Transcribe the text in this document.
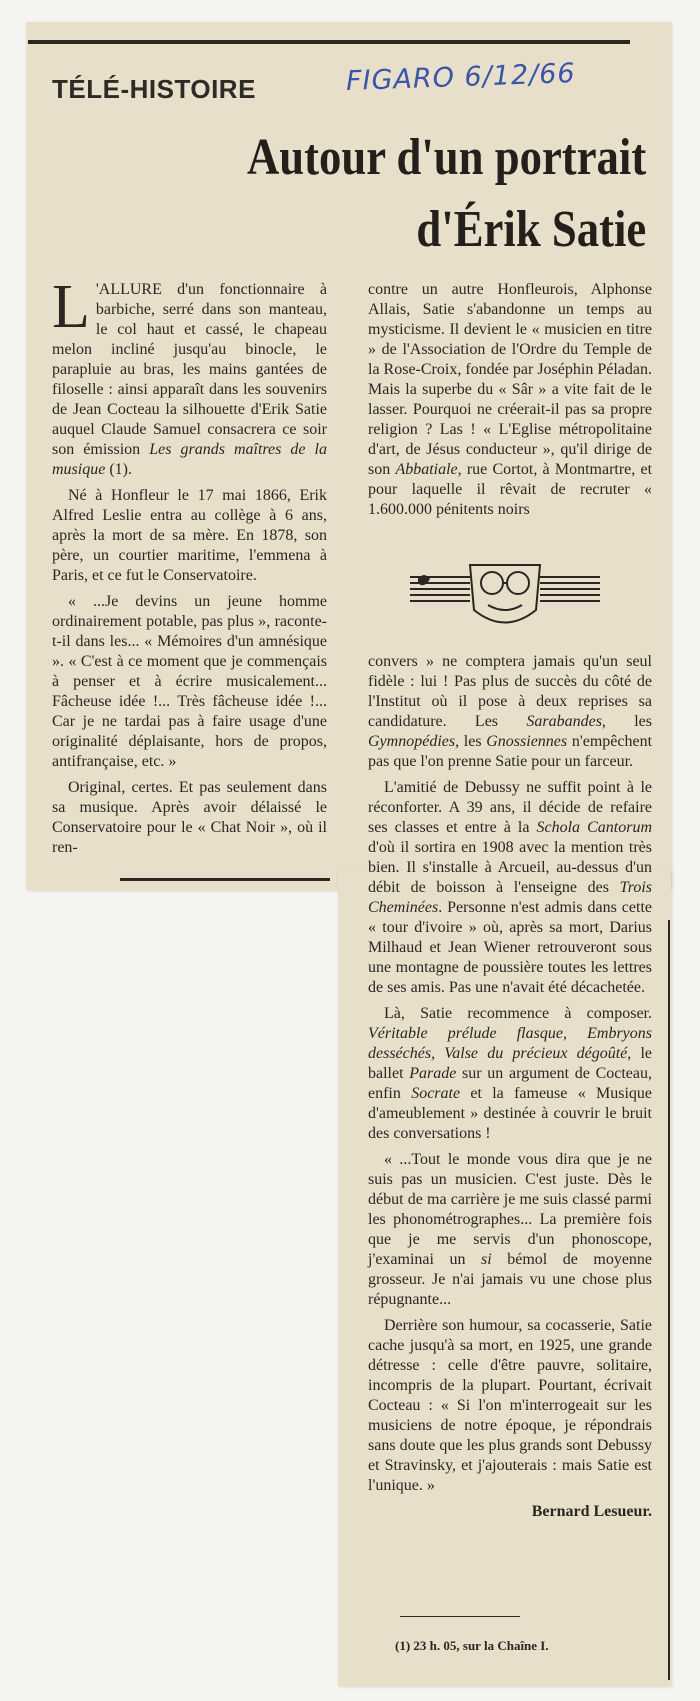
TÉLÉ-HISTOIRE	FIGARO 6/12/66
Autour d'un portrait
d'Érik Satie

L 'ALLURE d'un fonctionnaire à barbiche, serré dans son manteau, le col haut et cassé, le chapeau melon incliné jusqu'au binocle, le parapluie au bras, les mains gantées de filoselle : ainsi apparaît dans les souvenirs de Jean Cocteau la silhouette d'Erik Satie auquel Claude Samuel consacrera ce soir son émission Les grands maîtres de la musique (1).

Né à Honfleur le 17 mai 1866, Erik Alfred Leslie entra au collège à 6 ans, après la mort de sa mère. En 1878, son père, un courtier maritime, l'emmena à Paris, et ce fut le Conservatoire.

« ...Je devins un jeune homme ordinairement potable, pas plus », raconte-t-il dans les... « Mémoires d'un amnésique ». « C'est à ce moment que je commençais à penser et à écrire musicalement... Fâcheuse idée !... Très fâcheuse idée !... Car je ne tardai pas à faire usage d'une originalité déplaisante, hors de propos, antifrançaise, etc. »

Original, certes. Et pas seulement dans sa musique. Après avoir délaissé le Conservatoire pour le « Chat Noir », où il ren-

contre un autre Honfleurois, Alphonse Allais, Satie s'abandonne un temps au mysticisme. Il devient le « musicien en titre » de l'Association de l'Ordre du Temple de la Rose-Croix, fondée par Joséphin Péladan. Mais la superbe du « Sâr » a vite fait de le lasser. Pourquoi ne créerait-il pas sa propre religion ? Las ! « L'Eglise métropolitaine d'art, de Jésus conducteur », qu'il dirige de son Abbatiale, rue Cortot, à Montmartre, et pour laquelle il rêvait de recruter « 1.600.000 pénitents noirs

convers » ne comptera jamais qu'un seul fidèle : lui ! Pas plus de succès du côté de l'Institut où il pose à deux reprises sa candidature. Les Sarabandes, les Gymnopédies, les Gnossiennes n'empêchent pas que l'on prenne Satie pour un farceur.

L'amitié de Debussy ne suffit point à le réconforter. A 39 ans, il décide de refaire ses classes et entre à la Schola Cantorum d'où il sortira en 1908 avec la mention très bien. Il s'installe à Arcueil, au-dessus d'un débit de boisson à l'enseigne des Trois Cheminées. Personne n'est admis dans cette « tour d'ivoire » où, après sa mort, Darius Milhaud et Jean Wiener retrouveront sous une montagne de poussière toutes les lettres de ses amis. Pas une n'avait été décachetée.

Là, Satie recommence à composer. Véritable prélude flasque, Embryons desséchés, Valse du précieux dégoûté, le ballet Parade sur un argument de Cocteau, enfin Socrate et la fameuse « Musique d'ameublement » destinée à couvrir le bruit des conversations !

« ...Tout le monde vous dira que je ne suis pas un musicien. C'est juste. Dès le début de ma carrière je me suis classé parmi les phonométrographes... La première fois que je me servis d'un phonoscope, j'examinai un si bémol de moyenne grosseur. Je n'ai jamais vu une chose plus répugnante...

Derrière son humour, sa cocasserie, Satie cache jusqu'à sa mort, en 1925, une grande détresse : celle d'être pauvre, solitaire, incompris de la plupart. Pourtant, écrivait Cocteau : « Si l'on m'interrogeait sur les musiciens de notre époque, je répondrais sans doute que les plus grands sont Debussy et Stravinsky, et j'ajouterais : mais Satie est l'unique. »

Bernard Lesueur.
(1) 23 h. 05, sur la Chaîne I.
